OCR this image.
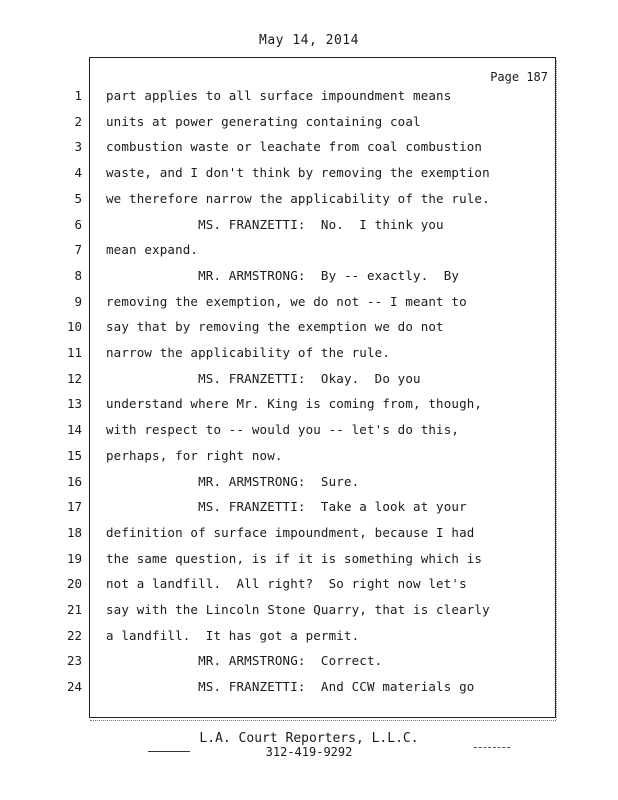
May 14, 2014
Page 187
1 part applies to all surface impoundment means
2 units at power generating containing coal
3 combustion waste or leachate from coal combustion
4 waste, and I don't think by removing the exemption
5 we therefore narrow the applicability of the rule.
6 MS. FRANZETTI:  No.  I think you
7 mean expand.
8 MR. ARMSTRONG:  By -- exactly.  By
9 removing the exemption, we do not -- I meant to
10 say that by removing the exemption we do not
11 narrow the applicability of the rule.
12 MS. FRANZETTI:  Okay.  Do you
13 understand where Mr. King is coming from, though,
14 with respect to -- would you -- let's do this,
15 perhaps, for right now.
16 MR. ARMSTRONG:  Sure.
17 MS. FRANZETTI:  Take a look at your
18 definition of surface impoundment, because I had
19 the same question, is if it is something which is
20 not a landfill.  All right?  So right now let's
21 say with the Lincoln Stone Quarry, that is clearly
22 a landfill.  It has got a permit.
23 MR. ARMSTRONG:  Correct.
24 MS. FRANZETTI:  And CCW materials go
L.A. Court Reporters, L.L.C.
312-419-9292
